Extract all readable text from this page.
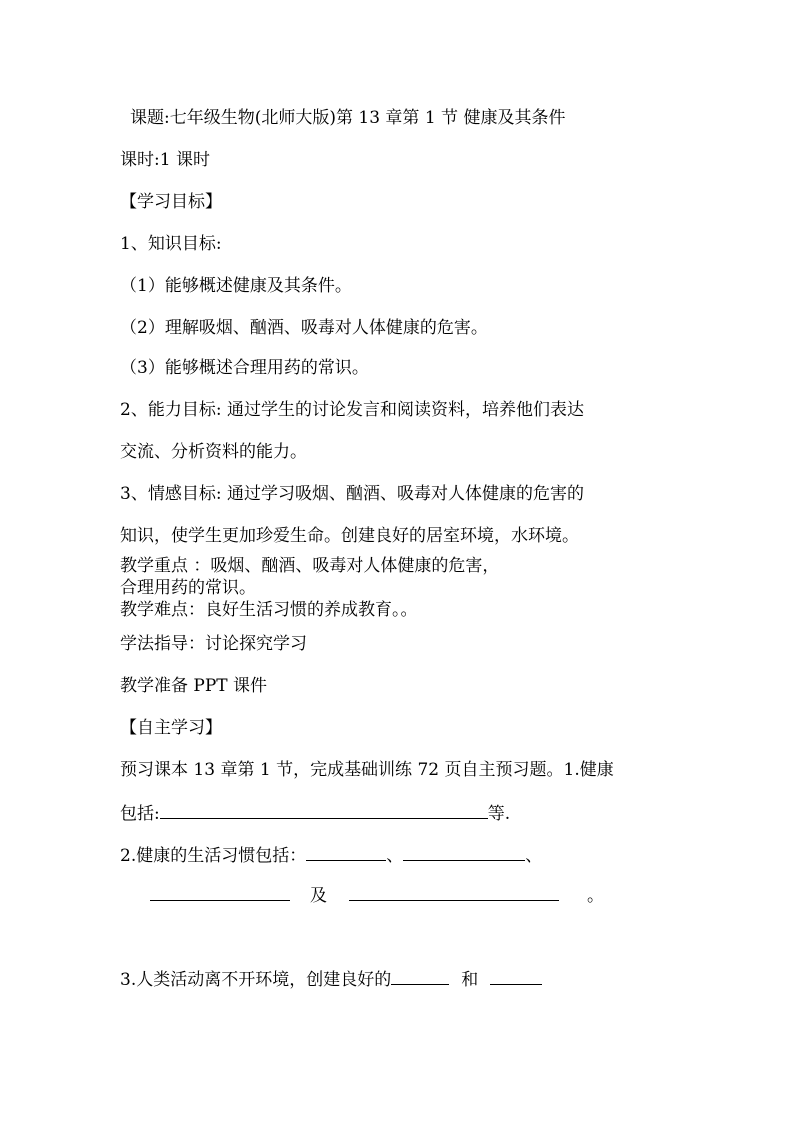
课题:七年级生物(北师大版)第 13 章第 1 节 健康及其条件
课时:1 课时
【学习目标】
1、知识目标:
（1）能够概述健康及其条件。
（2）理解吸烟、酗酒、吸毒对人体健康的危害。
（3）能够概述合理用药的常识。
2、能力目标: 通过学生的讨论发言和阅读资料，培养他们表达
交流、分析资料的能力。
3、情感目标: 通过学习吸烟、酗酒、吸毒对人体健康的危害的
知识，使学生更加珍爱生命。创建良好的居室环境，水环境。
教学重点 ：吸烟、酗酒、吸毒对人体健康的危害，
合理用药的常识。
教学难点：良好生活习惯的养成教育。。
学法指导：讨论探究学习
教学准备 PPT 课件
【自主学习】
预习课本 13 章第 1 节，完成基础训练 72 页自主预习题。1.健康
包括:	等.
2.健康的生活习惯包括：	、	、
及	。
3.人类活动离不开环境，创建良好的	和
